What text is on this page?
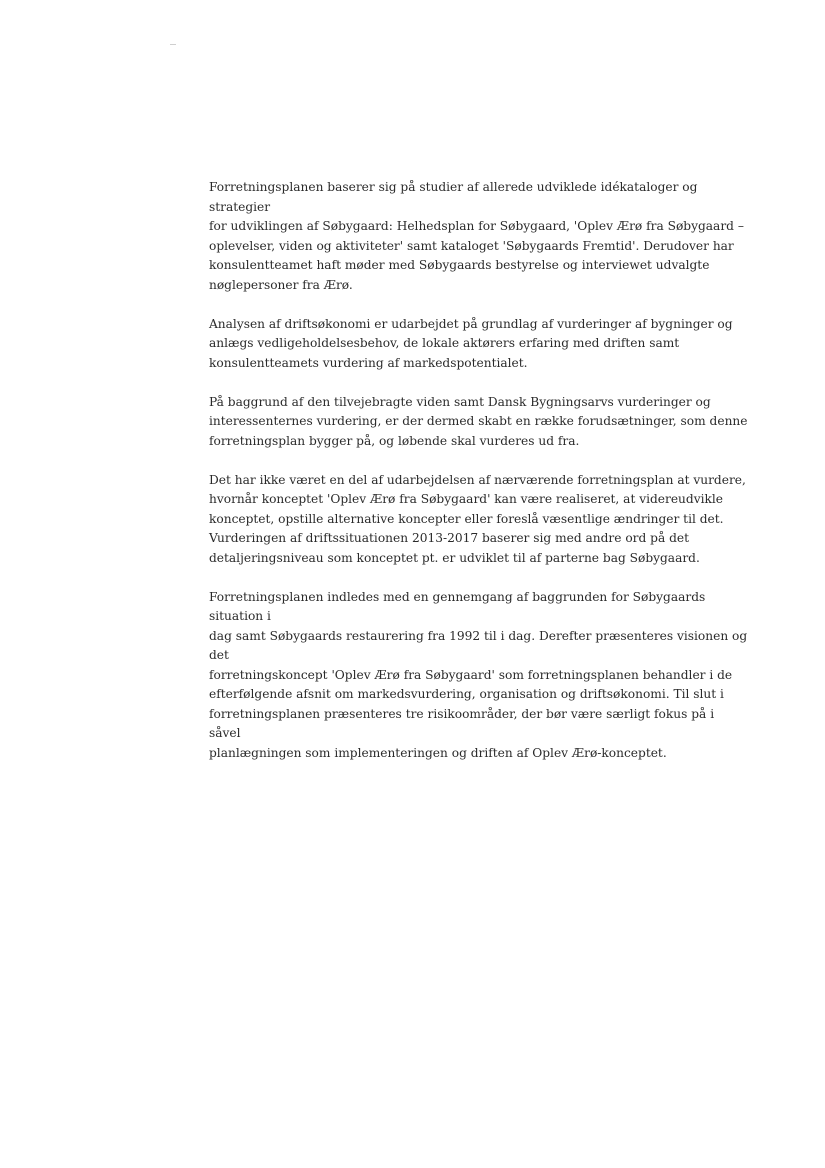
Forretningsplanen baserer sig på studier af allerede udviklede idékataloger og strategier
for udviklingen af Søbygaard: Helhedsplan for Søbygaard, 'Oplev Ærø fra Søbygaard –
oplevelser, viden og aktiviteter' samt kataloget 'Søbygaards Fremtid'. Derudover har
konsulentteamet haft møder med Søbygaards bestyrelse og interviewet udvalgte
nøglepersoner fra Ærø.

Analysen af driftsøkonomi er udarbejdet på grundlag af vurderinger af bygninger og
anlægs vedligeholdelsesbehov, de lokale aktørers erfaring med driften samt
konsulentteamets vurdering af markedspotentialet.

På baggrund af den tilvejebragte viden samt Dansk Bygningsarvs vurderinger og
interessenternes vurdering, er der dermed skabt en række forudsætninger, som denne
forretningsplan bygger på, og løbende skal vurderes ud fra.

Det har ikke været en del af udarbejdelsen af nærværende forretningsplan at vurdere,
hvornår konceptet 'Oplev Ærø fra Søbygaard' kan være realiseret, at videreudvikle
konceptet, opstille alternative koncepter eller foreslå væsentlige ændringer til det.
Vurderingen af driftssituationen 2013-2017 baserer sig med andre ord på det
detaljeringsniveau som konceptet pt. er udviklet til af parterne bag Søbygaard.

Forretningsplanen indledes med en gennemgang af baggrunden for Søbygaards situation i
dag samt Søbygaards restaurering fra 1992 til i dag. Derefter præsenteres visionen og det
forretningskoncept 'Oplev Ærø fra Søbygaard' som forretningsplanen behandler i de
efterfølgende afsnit om markedsvurdering, organisation og driftsøkonomi. Til slut i
forretningsplanen præsenteres tre risikoområder, der bør være særligt fokus på i såvel
planlægningen som implementeringen og driften af Oplev Ærø-konceptet.
